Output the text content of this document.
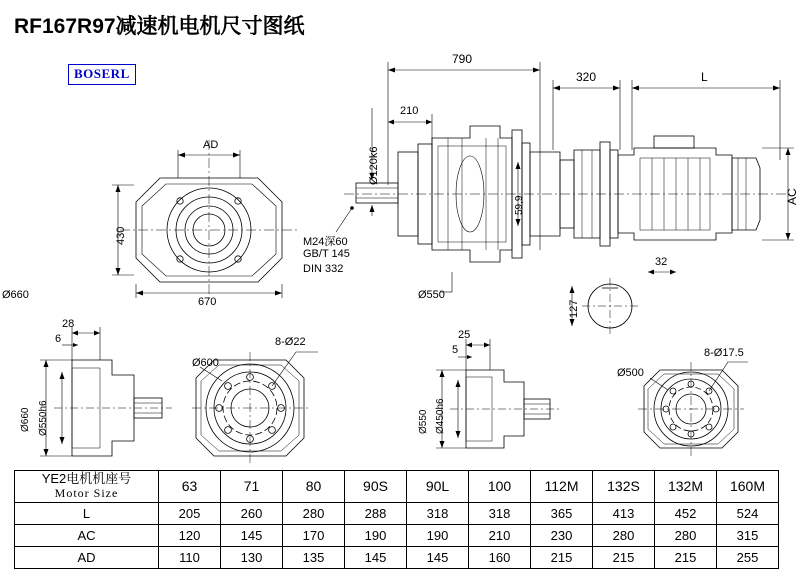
RF167R97减速机电机尺寸图纸
BOSERL
AD
430
670
790
320	L
210
Ø120k6
59,9	AC
M24深60
GB/T 145
DIN 332
Ø550
32
127
Ø660
28
6
Ø660 Ø550h6
Ø600
8-Ø22
25
5
Ø550 Ø450h6
Ø500
8-Ø17.5
YE2电机机座号
Motor Size	63	71	80	90S	90L	100	112M	132S	132M	160M
L	205	260	280	288	318	318	365	413	452	524
AC	120	145	170	190	190	210	230	280	280	315
AD	110	130	135	145	145	160	215	215	215	255
